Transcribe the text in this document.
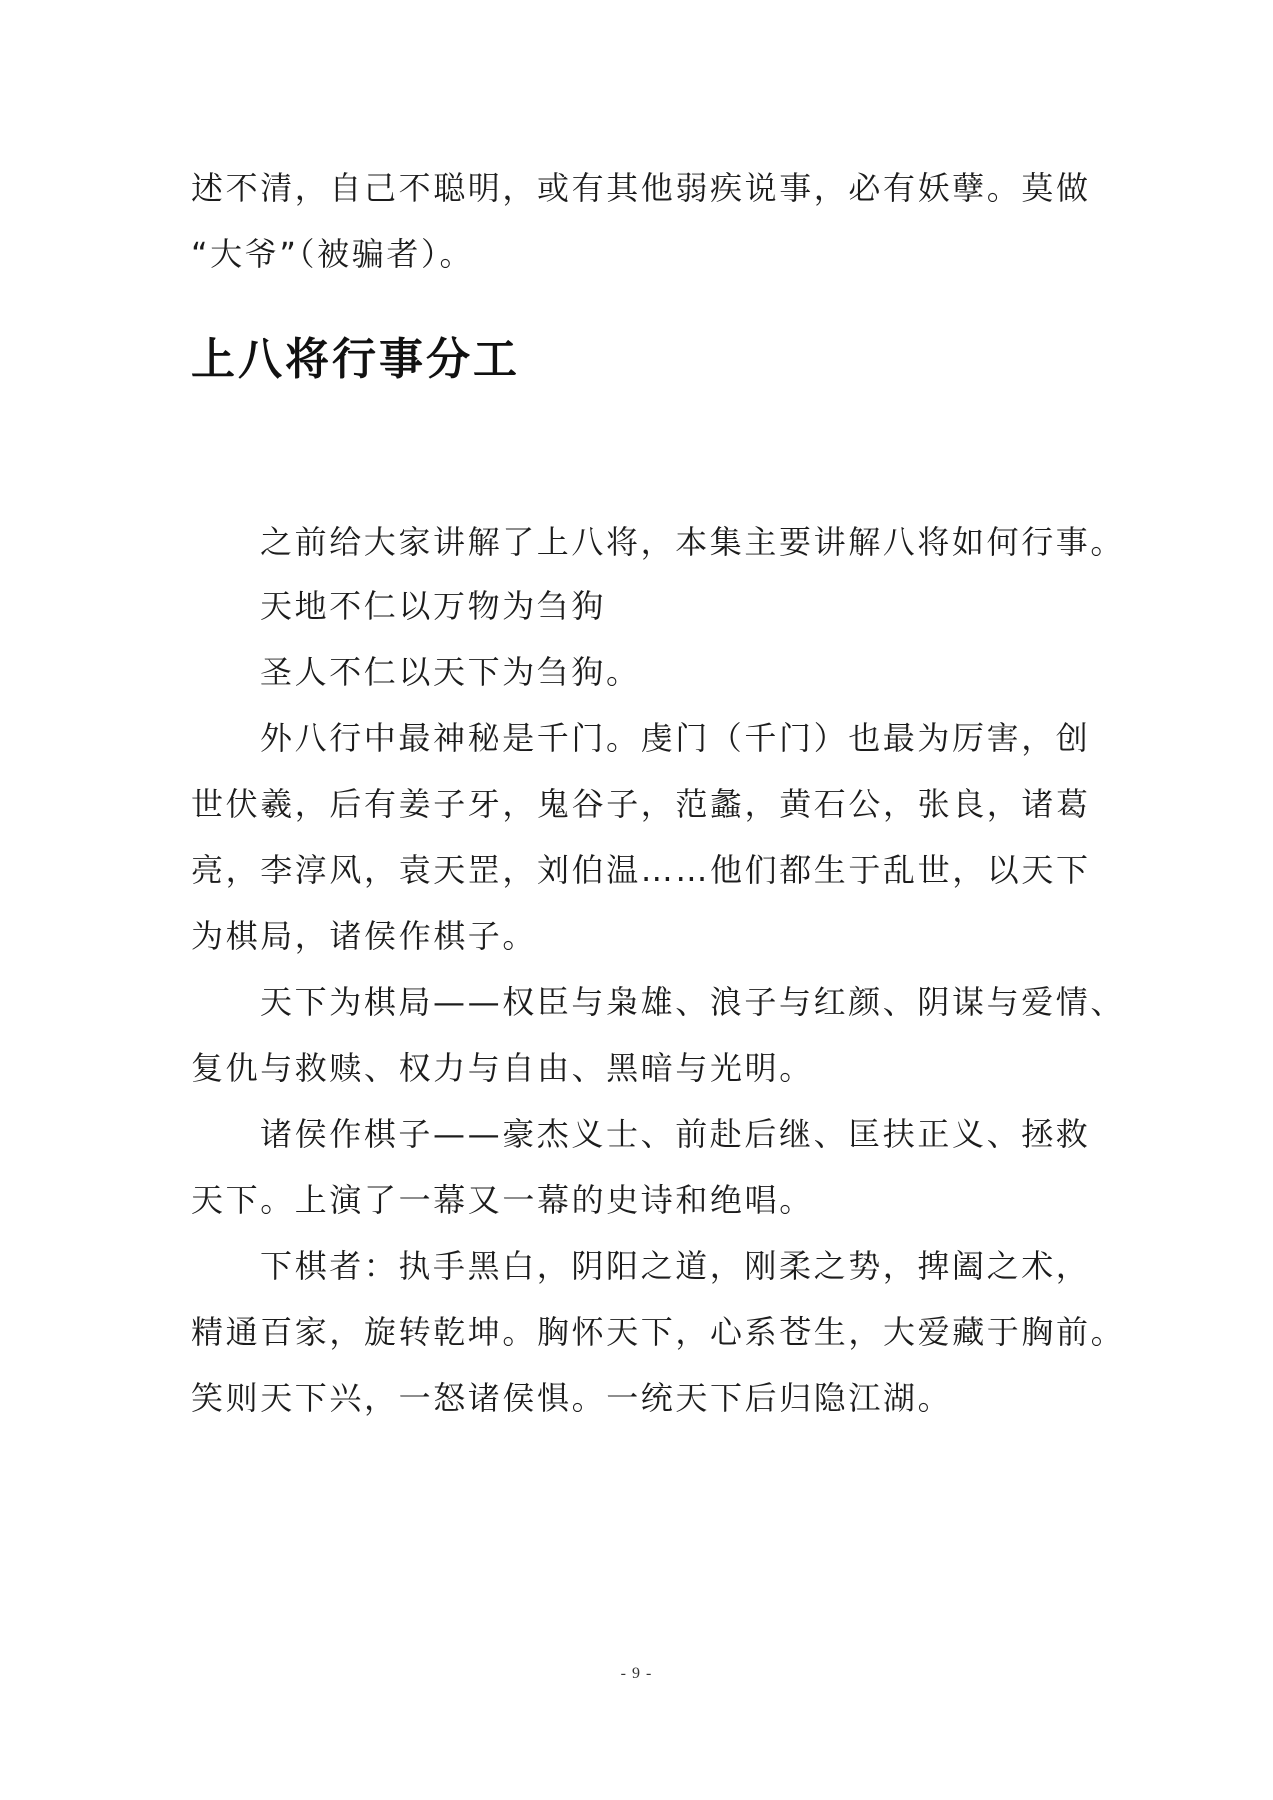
述不清，自己不聪明，或有其他弱疾说事，必有妖孽。莫做
“大爷”（被骗者）。
上八将行事分工
之前给大家讲解了上八将，本集主要讲解八将如何行事。
天地不仁以万物为刍狗
圣人不仁以天下为刍狗。
外八行中最神秘是千门。虔门（千门）也最为厉害，创
世伏羲，后有姜子牙，鬼谷子，范蠡，黄石公，张良，诸葛
亮，李淳风，袁天罡，刘伯温……他们都生于乱世，以天下
为棋局，诸侯作棋子。
天下为棋局——权臣与枭雄、浪子与红颜、阴谋与爱情、
复仇与救赎、权力与自由、黑暗与光明。
诸侯作棋子——豪杰义士、前赴后继、匡扶正义、拯救
天下。上演了一幕又一幕的史诗和绝唱。
下棋者：执手黑白，阴阳之道，刚柔之势，捭阖之术，
精通百家，旋转乾坤。胸怀天下，心系苍生，大爱藏于胸前。
笑则天下兴，一怒诸侯惧。一统天下后归隐江湖。
- 9 -
